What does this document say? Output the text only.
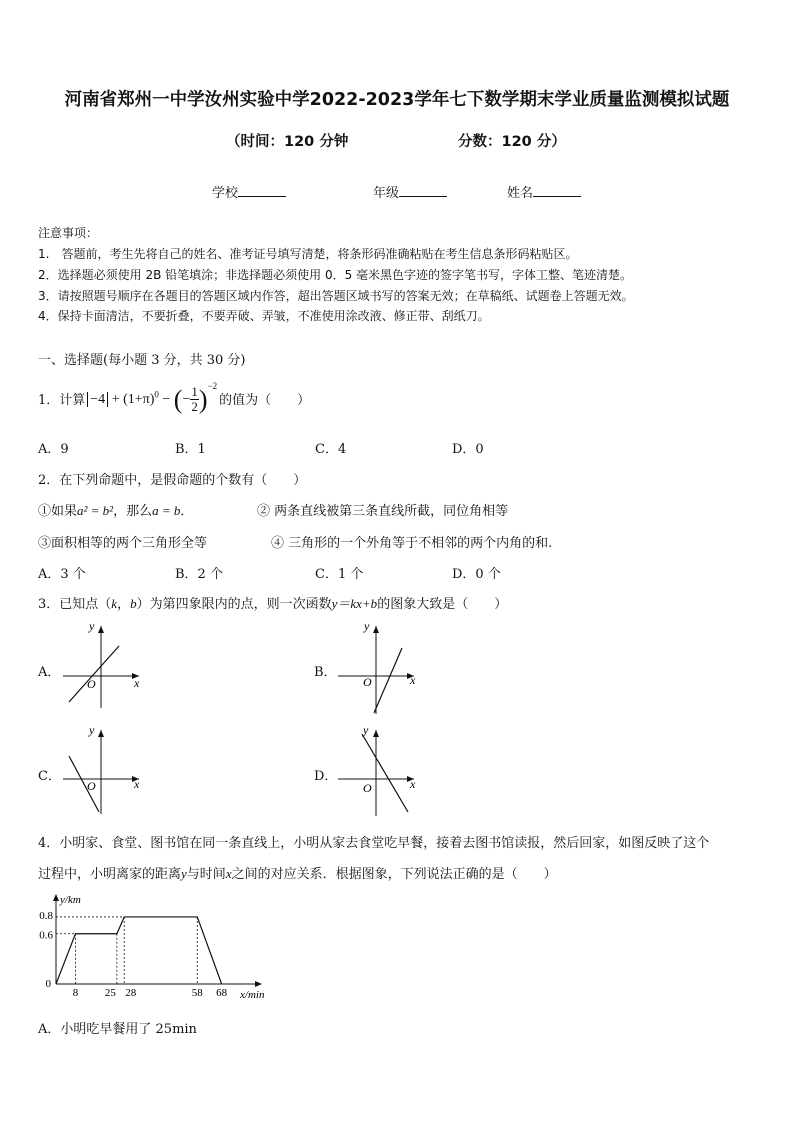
河南省郑州一中学汝州实验中学2022-2023学年七下数学期末学业质量监测模拟试题
（时间：120 分钟	分数：120 分）
学校	年级	姓名
注意事项：
1.　答题前，考生先将自己的姓名、准考证号填写清楚，将条形码准确粘贴在考生信息条形码粘贴区。
2．选择题必须使用 2B 铅笔填涂；非选择题必须使用 0．5 毫米黑色字迹的签字笔书写，字体工整、笔迹清楚。
3．请按照题号顺序在各题目的答题区域内作答，超出答题区域书写的答案无效；在草稿纸、试题卷上答题无效。
4．保持卡面清洁，不要折叠，不要弄破、弄皱，不准使用涂改液、修正带、刮纸刀。
一、选择题(每小题 3 分，共 30 分)
1．计算 $-4 + (1+\pi)^0$ − (− $\frac{1}{2} )^{-2}$
的值为（　　）
A．9	B．1	C．4	D．0
2．在下列命题中，是假命题的个数有（　　）
①如果a² = b²，那么a = b．	② 两条直线被第三条直线所截，同位角相等
③面积相等的两个三角形全等	④ 三角形的一个外角等于不相邻的两个内角的和.
A．3 个	B．2 个	C．1 个	D．0 个
3．已知点（k，b）为第四象限内的点，则一次函数y＝kx+b的图象大致是（　　）
A．	B．
C．	D．
y
x
O
y
x
O
y
x
O
y
x
O
4．小明家、食堂、图书馆在同一条直线上，小明从家去食堂吃早餐，接着去图书馆读报，然后回家，如图反映了这个
过程中，小明离家的距离y与时间x之间的对应关系．根据图象，下列说法正确的是（　　）
8 25 28	58 68
0.6
0.8
0
y/km
x/min
A．小明吃早餐用了 25min
